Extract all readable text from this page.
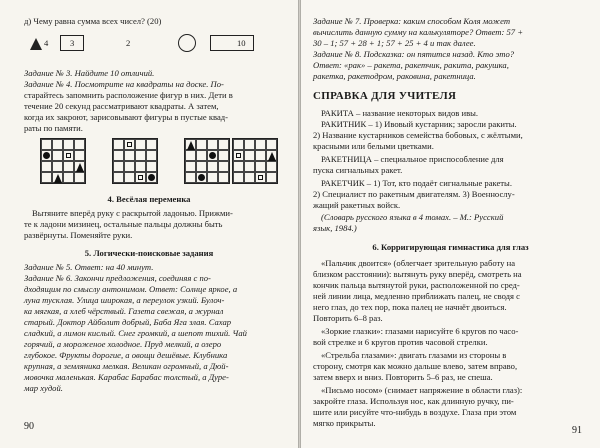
д) Чему равна сумма всех чисел? (20)
4	3	2	10
Задание № 3. Найдите 10 отличий.
Задание № 4. Посмотрите на квадраты на доске. По-
старайтесь запомнить расположение фигур в них. Дети в
течение 20 секунд рассматривают квадраты. А затем,
когда их закроют, зарисовывают фигуры в пустые квад-
раты по памяти.
4. Весёлая переменка
Вытяните вперёд руку с раскрытой ладонью. Прижми-
те к ладони мизинец, остальные пальцы должны быть
развёрнуты. Поменяйте руки.
5. Логически-поисковые задания
Задание № 5. Ответ: на 40 минут.
Задание № 6. Закончи предложения, соединяя с по-
дходящим по смыслу антонимом. Ответ: Солнце яркое, а
луна тусклая. Улица широкая, а переулок узкий. Булоч-
ка мягкая, а хлеб чёрствый. Газета свежая, а журнал
старый. Доктор Айболит добрый, Баба Яга злая. Сахар
сладкий, а лимон кислый. Снег громкий, а шепот тихий. Чай
горячий, а мороженое холодное. Пруд мелкий, а озеро
глубокое. Фрукты дорогие, а овощи дешёвые. Клубника
крупная, а земляника мелкая. Великан огромный, а Дюй-
мовочка маленькая. Карабас Барабас толстый, а Дуре-
мар худой.
90
Задание № 7. Проверка: каким способом Коля может
вычислить данную сумму на калькуляторе? Ответ: 57 +
30 – 1; 57 + 28 + 1; 57 + 25 + 4 и так далее.
Задание № 8. Подсказка: он пятится назад. Кто это?
Ответ: «рак» – ракета, ракетчик, ракита, ракушка,
ракетка, ракетодром, раковина, ракетница.
СПРАВКА ДЛЯ УЧИТЕЛЯ
РАКИТА – название некоторых видов ивы.
РАКИТНИК – 1) Ивовый кустарник; заросли ракиты.
2) Название кустарников семейства бобовых, с жёлтыми,
красными или белыми цветками.
РАКЕТНИЦА – специальное приспособление для
пуска сигнальных ракет.
РАКЕТЧИК – 1) Тот, кто подаёт сигнальные ракеты.
2) Специалист по ракетным двигателям. 3) Военнослу-
жащий ракетных войск.
(Словарь русского языка в 4 томах. – М.: Русский
язык, 1984.)
6. Корригирующая гимнастика для глаз
«Пальчик двоится» (облегчает зрительную работу на
близком расстоянии): вытянуть руку вперёд, смотреть на
кончик пальца вытянутой руки, расположенной по сред-
ней линии лица, медленно приближать палец, не сводя с
него глаз, до тех пор, пока палец не начнёт двоиться.
Повторить 6–8 раз.
«Зоркие глазки»: глазами нарисуйте 6 кругов по часо-
вой стрелке и 6 кругов против часовой стрелки.
«Стрельба глазами»: двигать глазами из стороны в
сторону, смотря как можно дальше влево, затем вправо,
затем вверх и вниз. Повторить 5–6 раз, не спеша.
«Письмо носом» (снимает напряжение в области глаз):
закройте глаза. Используя нос, как длинную ручку, пи-
шите или рисуйте что-нибудь в воздухе. Глаза при этом
мягко прикрыты.
91
